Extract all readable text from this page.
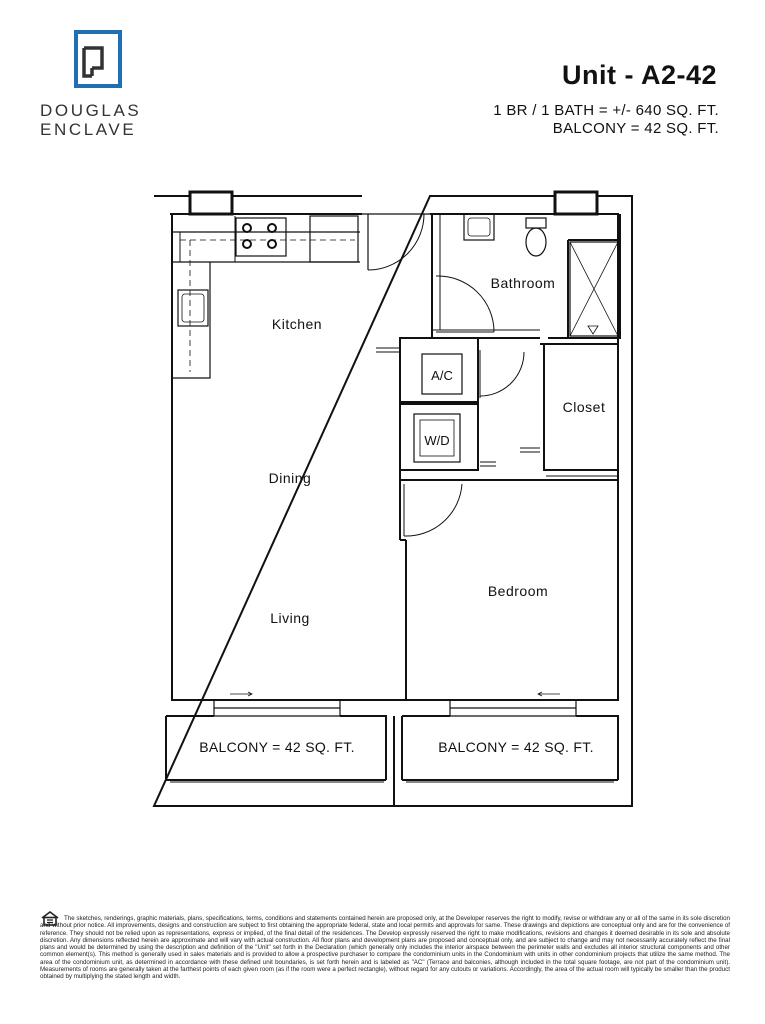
DOUGLAS
ENCLAVE
Unit - A2-42
1 BR / 1 BATH = +/- 640 SQ. FT.
BALCONY = 42 SQ. FT.
Kitchen
Dining
Living
Bathroom
Closet
Bedroom
A/C
W/D
BALCONY = 42 SQ. FT.	BALCONY = 42 SQ. FT.
The sketches, renderings, graphic materials, plans, specifications, terms, conditions and statements contained herein are proposed only, at the Developer reserves the right to modify, revise or withdraw any or all of the same in its sole discretion and without prior notice. All improvements, designs and construction are subject to first obtaining the appropriate federal, state and local permits and approvals for same. These drawings and depictions are conceptual only and are for the convenience of reference. They should not be relied upon as representations, express or implied, of the final detail of the residences. The Develop expressly reserved the right to make modifications, revisions and changes it deemed desirable in its sole and absolute discretion. Any dimensions reflected herein are approximate and will vary with actual construction. All floor plans and development plans are proposed and conceptual only, and are subject to change and may not necessarily accurately reflect the final plans and would be determined by using the description and definition of the "Unit" set forth in the Declaration (which generally only includes the interior airspace between the perimeter walls and excludes all interior structural components and other common element(s). This method is generally used in sales materials and is provided to allow a prospective purchaser to compare the condominium units in the Condominium with units in other condominium projects that utilize the same method. The area of the condominium unit, as determined in accordance with these defined unit boundaries, is set forth herein and is labeled as "AC" (Terrace and balconies, although included in the total square footage, are not part of the condominium unit). Measurements of rooms are generally taken at the farthest points of each given room (as if the room were a perfect rectangle), without regard for any cutouts or variations. Accordingly, the area of the actual room will typically be smaller than the product obtained by multiplying the stated length and width.
